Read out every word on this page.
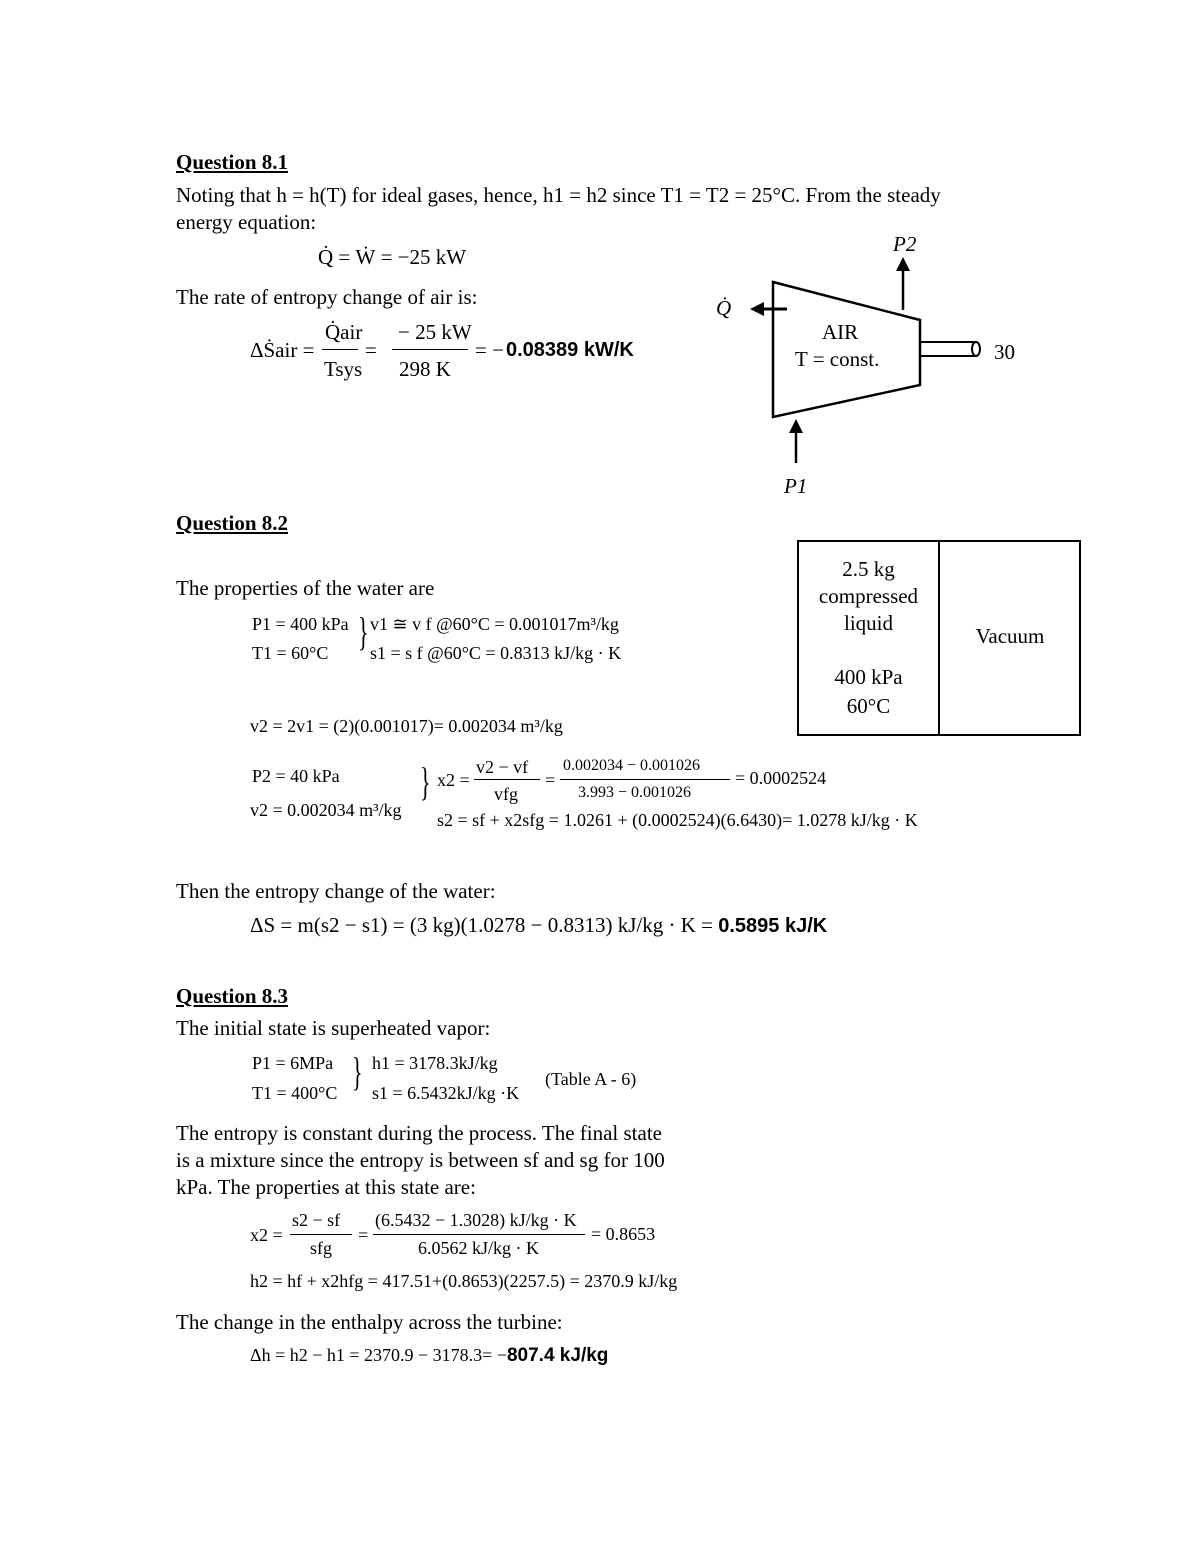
Question 8.1
Noting that h = h(T) for ideal gases, hence, h1 = h2 since T1 = T2 = 25°C. From the steady
energy equation:
Q̇ = Ẇ = −25 kW
The rate of entropy change of air is:
ΔṠair =
Q̇air
Tsys
=
− 25 kW
298 K
= − 0.08389 kW/K
P2
P1
Q̇
AIR
T = const.	30
Question 8.2
2.5 kg
compressed
liquid
400 kPa
60°C
Vacuum
The properties of the water are
P1 = 400 kPa
T1 = 60°C } v1 ≅ v f @60°C = 0.001017m³/kg
s1 = s f @60°C = 0.8313 kJ/kg · K
v2 = 2v1 = (2)(0.001017)= 0.002034 m³/kg
P2 = 40 kPa
v2 = 0.002034 m³/kg
} x2 =
v2 − vf
vfg
=
0.002034 − 0.001026
3.993 − 0.001026
= 0.0002524
s2 = sf + x2sfg = 1.0261 + (0.0002524)(6.6430)= 1.0278 kJ/kg · K
Then the entropy change of the water:
ΔS = m(s2 − s1) = (3 kg)(1.0278 − 0.8313) kJ/kg · K = 0.5895 kJ/K
Question 8.3
The initial state is superheated vapor:
P1 = 6MPa
T1 = 400°C } h1 = 3178.3kJ/kg
s1 = 6.5432kJ/kg ·K
(Table A - 6)
The entropy is constant during the process. The final state
is a mixture since the entropy is between sf and sg for 100
kPa. The properties at this state are:
x2 =
s2 − sf
sfg
=
(6.5432 − 1.3028) kJ/kg · K
6.0562 kJ/kg · K
= 0.8653
h2 = hf + x2hfg = 417.51+(0.8653)(2257.5) = 2370.9 kJ/kg
The change in the enthalpy across the turbine:
Δh = h2 − h1 = 2370.9 − 3178.3= −807.4 kJ/kg
